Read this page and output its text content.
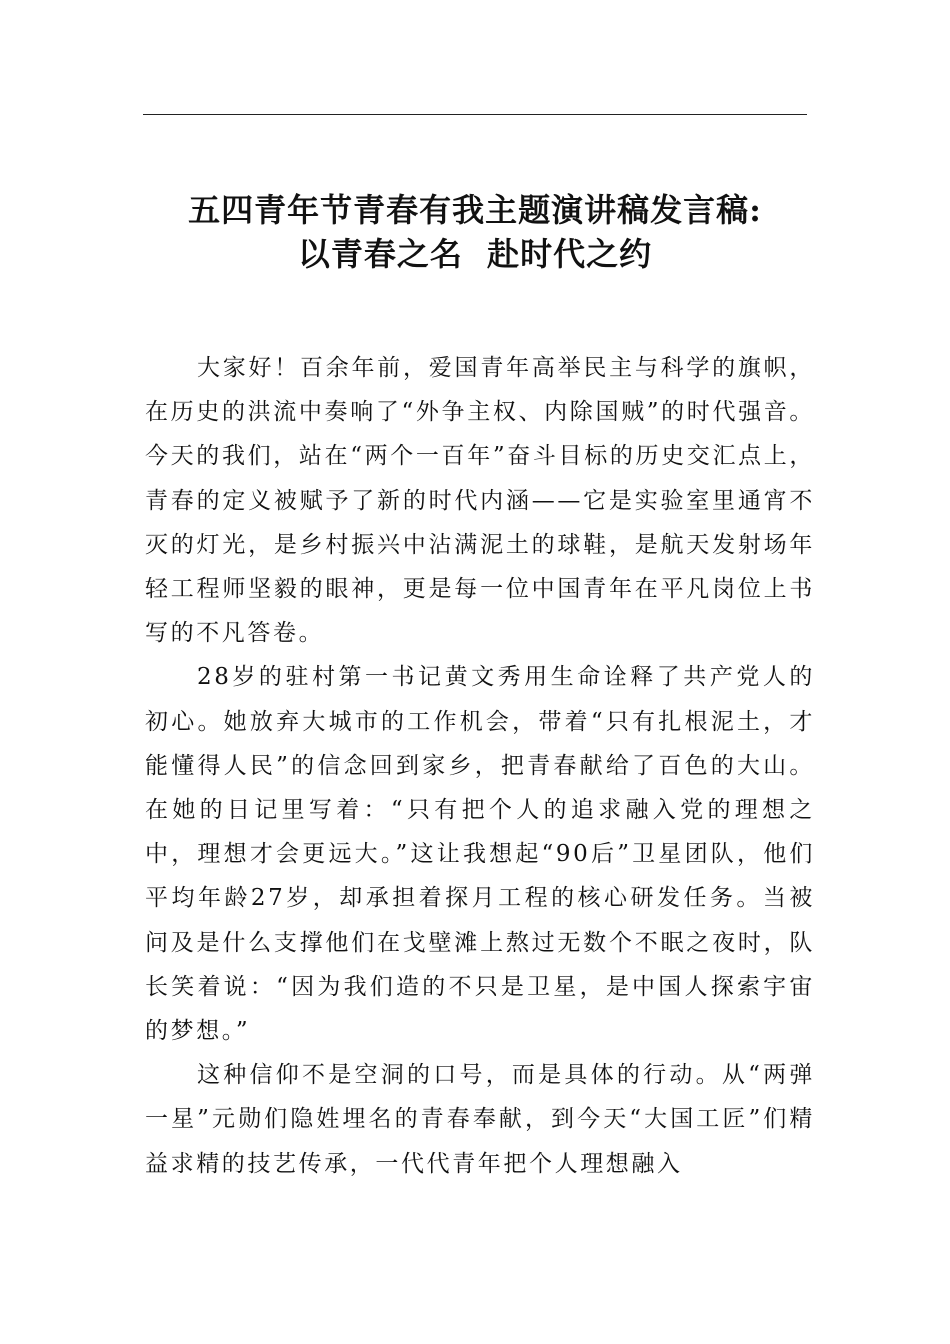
五四青年节青春有我主题演讲稿发言稿:
以青春之名  赴时代之约

大家好！百余年前，爱国青年高举民主与科学的旗帜，在历史的洪流中奏响了“外争主权、内除国贼”的时代强音。今天的我们，站在“两个一百年”奋斗目标的历史交汇点上，青春的定义被赋予了新的时代内涵——它是实验室里通宵不灭的灯光，是乡村振兴中沾满泥土的球鞋，是航天发射场年轻工程师坚毅的眼神，更是每一位中国青年在平凡岗位上书写的不凡答卷。

28岁的驻村第一书记黄文秀用生命诠释了共产党人的初心。她放弃大城市的工作机会，带着“只有扎根泥土，才能懂得人民”的信念回到家乡，把青春献给了百色的大山。在她的日记里写着：“只有把个人的追求融入党的理想之中，理想才会更远大。”这让我想起“90后”卫星团队，他们平均年龄27岁，却承担着探月工程的核心研发任务。当被问及是什么支撑他们在戈壁滩上熬过无数个不眠之夜时，队长笑着说：“因为我们造的不只是卫星，是中国人探索宇宙的梦想。”

这种信仰不是空洞的口号，而是具体的行动。从“两弹一星”元勋们隐姓埋名的青春奉献，到今天“大国工匠”们精益求精的技艺传承，一代代青年把个人理想融入
